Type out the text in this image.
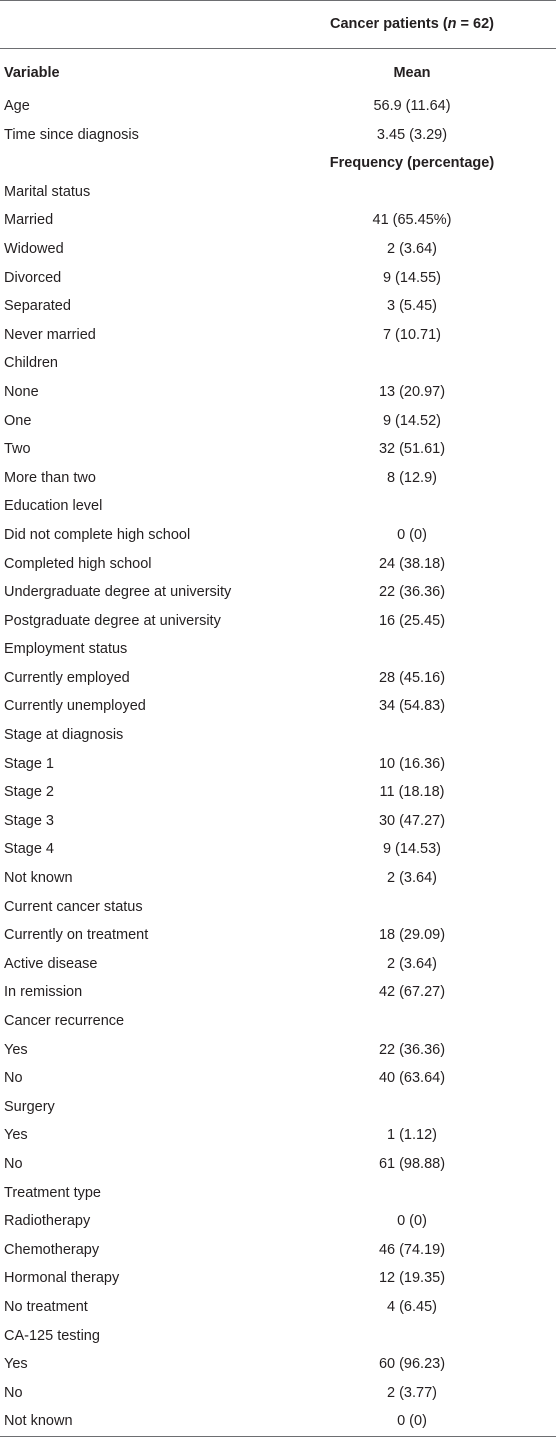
	Cancer patients (n = 62)
Variable	Mean
Age	56.9 (11.64)
Time since diagnosis	3.45 (3.29)
	Frequency (percentage)
Marital status	
Married	41 (65.45%)
Widowed	2 (3.64)
Divorced	9 (14.55)
Separated	3 (5.45)
Never married	7 (10.71)
Children	
None	13 (20.97)
One	9 (14.52)
Two	32 (51.61)
More than two	8 (12.9)
Education level	
Did not complete high school	0 (0)
Completed high school	24 (38.18)
Undergraduate degree at university	22 (36.36)
Postgraduate degree at university	16 (25.45)
Employment status	
Currently employed	28 (45.16)
Currently unemployed	34 (54.83)
Stage at diagnosis	
Stage 1	10 (16.36)
Stage 2	11 (18.18)
Stage 3	30 (47.27)
Stage 4	9 (14.53)
Not known	2 (3.64)
Current cancer status	
Currently on treatment	18 (29.09)
Active disease	2 (3.64)
In remission	42 (67.27)
Cancer recurrence	
Yes	22 (36.36)
No	40 (63.64)
Surgery	
Yes	1 (1.12)
No	61 (98.88)
Treatment type	
Radiotherapy	0 (0)
Chemotherapy	46 (74.19)
Hormonal therapy	12 (19.35)
No treatment	4 (6.45)
CA-125 testing	
Yes	60 (96.23)
No	2 (3.77)
Not known	0 (0)
